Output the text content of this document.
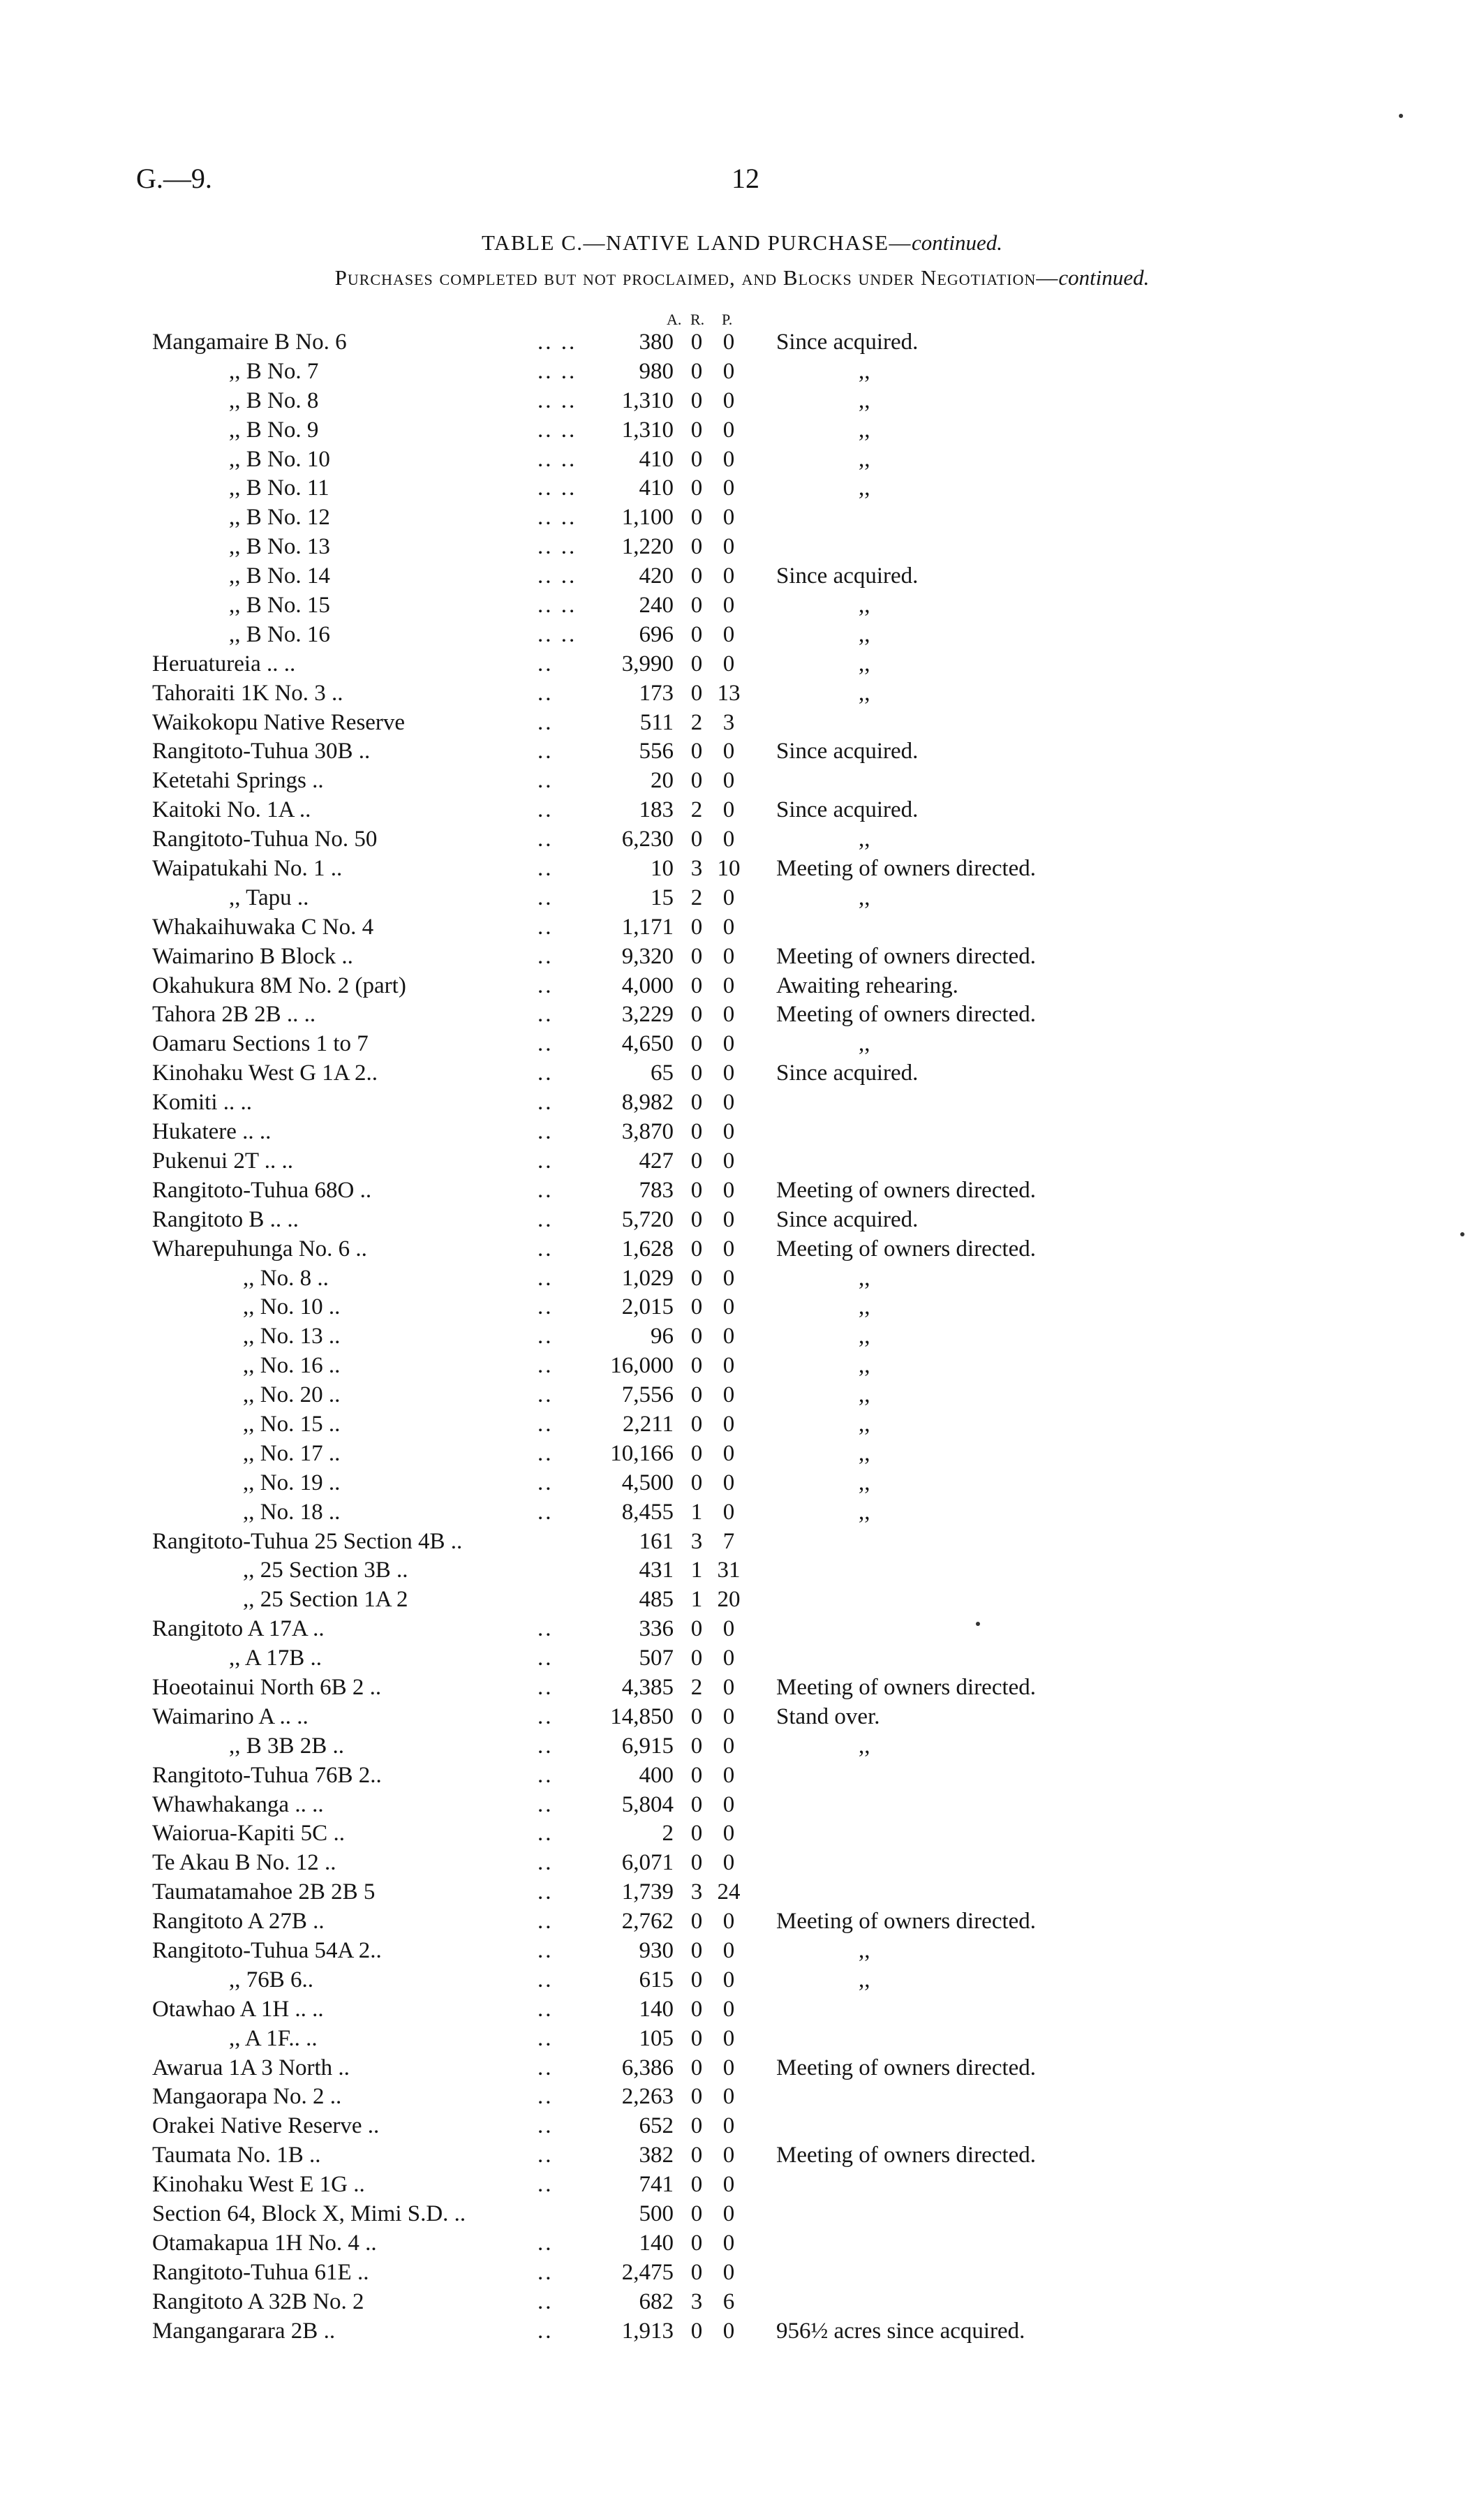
G.—9.	12
TABLE C.—NATIVE LAND PURCHASE—continued.
Purchases completed but not proclaimed, and Blocks under Negotiation—continued.
A. R. P.
Mangamaire B No. 6	.. ..	380 0 0	Since acquired.
,, B No. 7	.. ..	980 0 0	,,
,, B No. 8	.. ..	1,310 0 0	,,
,, B No. 9	.. ..	1,310 0 0	,,
,, B No. 10	.. ..	410 0 0	,,
,, B No. 11	.. ..	410 0 0	,,
,, B No. 12	.. ..	1,100 0 0
,, B No. 13	.. ..	1,220 0 0
,, B No. 14	.. ..	420 0 0	Since acquired.
,, B No. 15	.. ..	240 0 0	,,
,, B No. 16	.. ..	696 0 0	,,
Heruatureia .. ..	..	3,990 0 0	,,
Tahoraiti 1K No. 3 ..	..	173 0 13	,,
Waikokopu Native Reserve	..	511 2 3
Rangitoto-Tuhua 30B ..	..	556 0 0	Since acquired.
Ketetahi Springs ..	..	20 0 0
Kaitoki No. 1A ..	..	183 2 0	Since acquired.
Rangitoto-Tuhua No. 50	..	6,230 0 0	,,
Waipatukahi No. 1 ..	..	10 3 10 Meeting of owners directed.
,, Tapu ..	..	15 2 0	,,
Whakaihuwaka C No. 4	..	1,171 0 0
Waimarino B Block ..	..	9,320 0 0	Meeting of owners directed.
Okahukura 8M No. 2 (part)	..	4,000 0 0	Awaiting rehearing.
Tahora 2B 2B .. ..	..	3,229 0 0	Meeting of owners directed.
Oamaru Sections 1 to 7	..	4,650 0 0	,,
Kinohaku West G 1A 2..	..	65 0 0	Since acquired.
Komiti .. ..	..	8,982 0 0
Hukatere .. ..	..	3,870 0 0
Pukenui 2T .. ..	..	427 0 0
Rangitoto-Tuhua 68O ..	..	783 0 0	Meeting of owners directed.
Rangitoto B .. ..	..	5,720 0 0	Since acquired.
Wharepuhunga No. 6 ..	..	1,628 0 0	Meeting of owners directed.
,, No. 8 ..	..	1,029 0 0	,,
,, No. 10 ..	..	2,015 0 0	,,
,, No. 13 ..	..	96 0 0	,,
,, No. 16 ..	..	16,000 0 0	,,
,, No. 20 ..	..	7,556 0 0	,,
,, No. 15 ..	..	2,211 0 0	,,
,, No. 17 ..	..	10,166 0 0	,,
,, No. 19 ..	..	4,500 0 0	,,
,, No. 18 ..	..	8,455 1 0	,,
Rangitoto-Tuhua 25 Section 4B ..	161 3 7
,, 25 Section 3B ..	431 1 31
,, 25 Section 1A 2	485 1 20
Rangitoto A 17A ..	..	336 0 0
,, A 17B ..	..	507 0 0
Hoeotainui North 6B 2 ..	..	4,385 2 0	Meeting of owners directed.
Waimarino A .. ..	..	14,850 0 0	Stand over.
,, B 3B 2B ..	..	6,915 0 0	,,
Rangitoto-Tuhua 76B 2..	..	400 0 0
Whawhakanga .. ..	..	5,804 0 0
Waioruа-Kapiti 5C ..	..	2 0 0
Te Akau B No. 12 ..	..	6,071 0 0
Taumatamahoe 2B 2B 5	..	1,739 3 24
Rangitoto A 27B ..	..	2,762 0 0	Meeting of owners directed.
Rangitoto-Tuhua 54A 2..	..	930 0 0	,,
,, 76B 6..	..	615 0 0	,,
Otawhao A 1H .. ..	..	140 0 0
,, A 1F.. ..	..	105 0 0
Awarua 1A 3 North ..	..	6,386 0 0	Meeting of owners directed.
Mangaorapa No. 2 ..	..	2,263 0 0
Orakei Native Reserve ..	..	652 0 0
Taumata No. 1B ..	..	382 0 0	Meeting of owners directed.
Kinohaku West E 1G ..	..	741 0 0
Section 64, Block X, Mimi S.D. ..	500 0 0
Otamakapua 1H No. 4 ..	..	140 0 0
Rangitoto-Tuhua 61E ..	..	2,475 0 0
Rangitoto A 32B No. 2	..	682 3 6
Mangangarara 2B ..	..	1,913 0 0	956½ acres since acquired.
